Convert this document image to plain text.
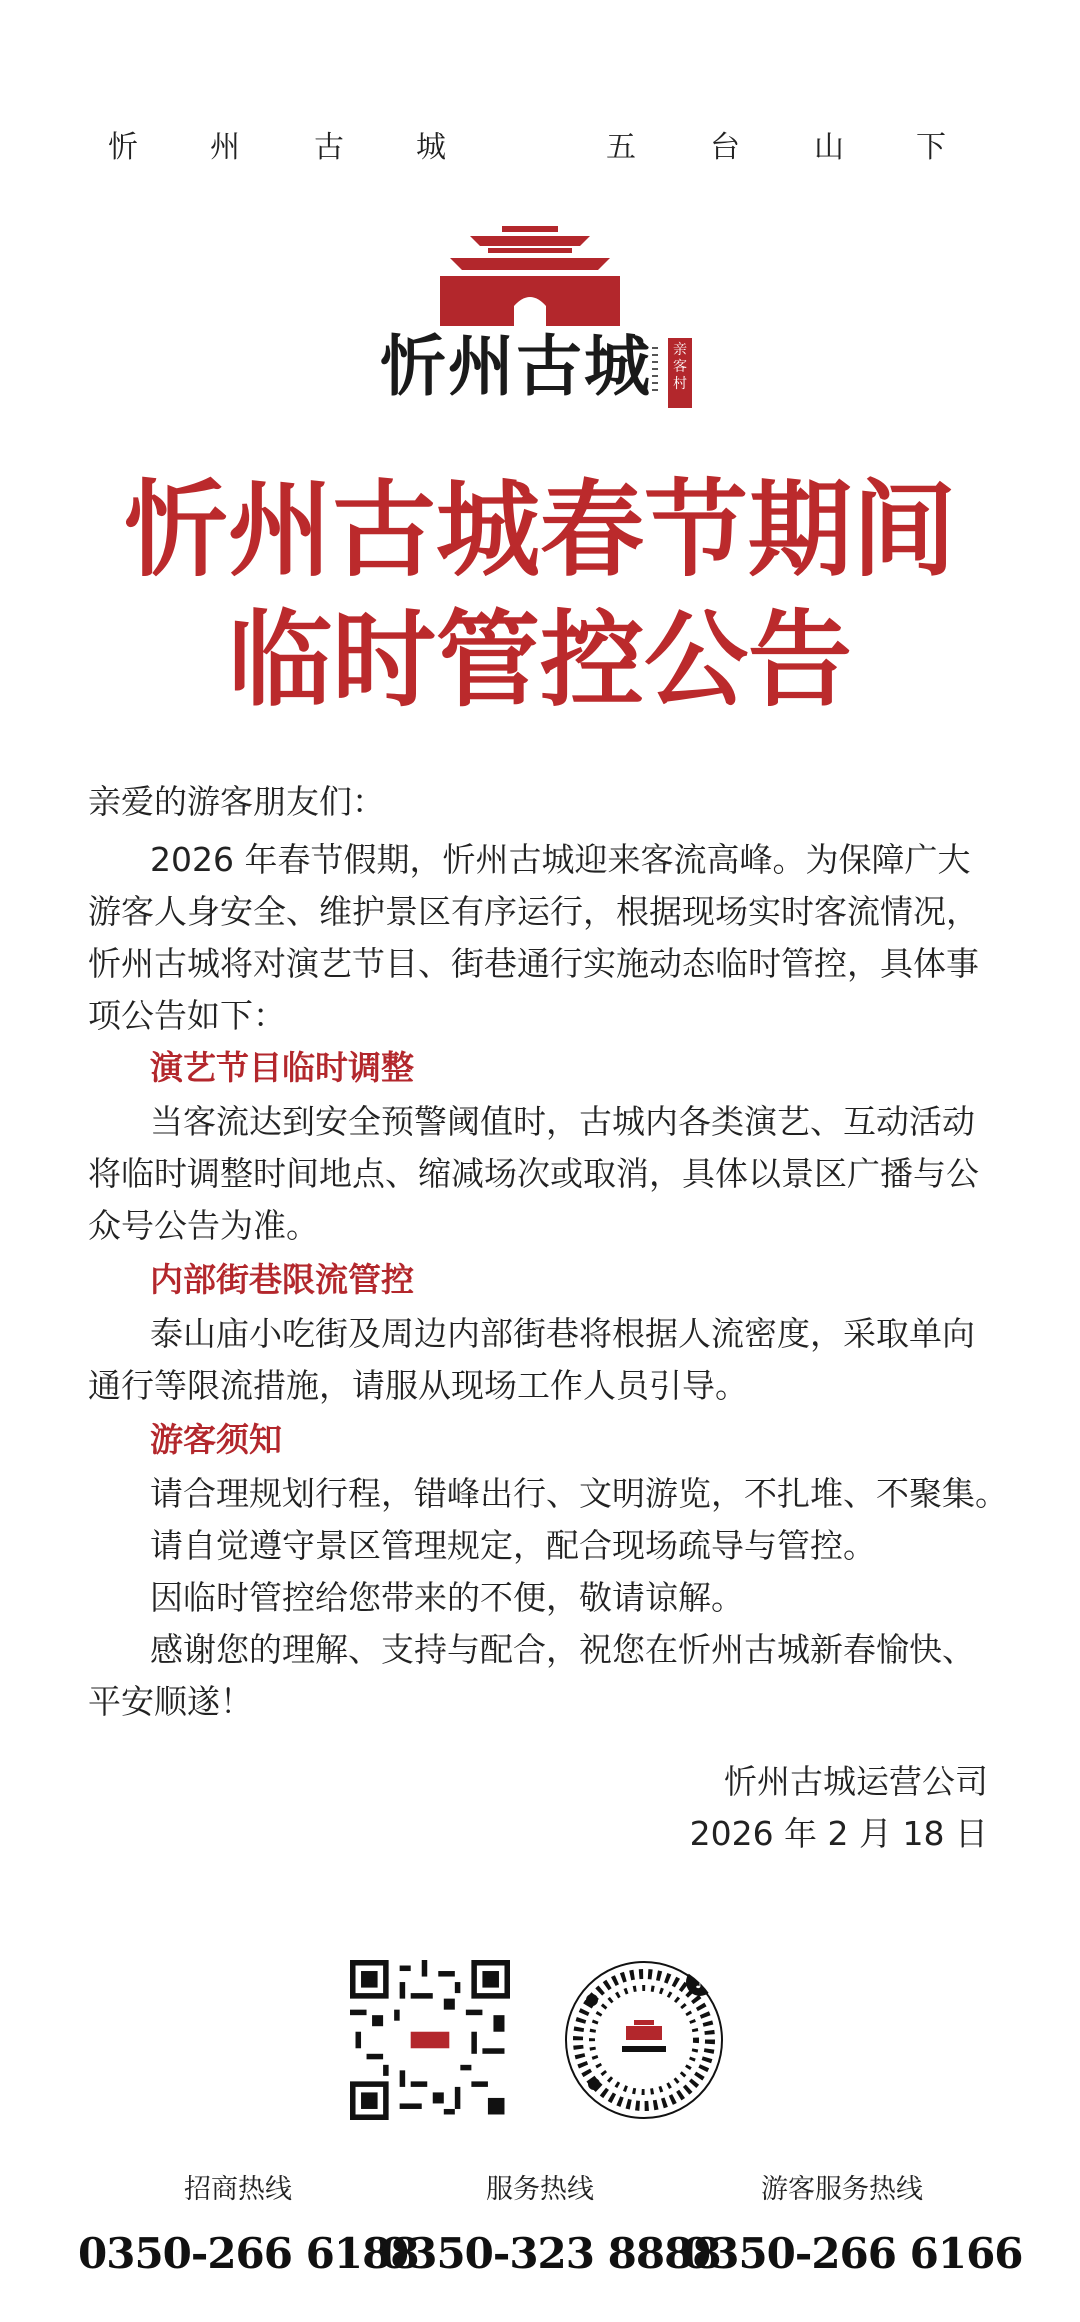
忻	州	古	城	五	台	山	下
忻州古城	亲客村
忻州古城春节期间
临时管控公告
亲爱的游客朋友们：
2026 年春节假期，忻州古城迎来客流高峰。为保障广大
游客人身安全、维护景区有序运行，根据现场实时客流情况，
忻州古城将对演艺节目、街巷通行实施动态临时管控，具体事
项公告如下：
演艺节目临时调整
当客流达到安全预警阈值时，古城内各类演艺、互动活动
将临时调整时间地点、缩减场次或取消，具体以景区广播与公
众号公告为准。
内部街巷限流管控
泰山庙小吃街及周边内部街巷将根据人流密度，采取单向
通行等限流措施，请服从现场工作人员引导。
游客须知
请合理规划行程，错峰出行、文明游览，不扎堆、不聚集。
请自觉遵守景区管理规定，配合现场疏导与管控。
因临时管控给您带来的不便，敬请谅解。
感谢您的理解、支持与配合，祝您在忻州古城新春愉快、
平安顺遂！
忻州古城运营公司
2026 年 2 月 18 日
♪
招商热线
0350-266 6188
服务热线
0350-323 8888
游客服务热线
0350-266 6166
